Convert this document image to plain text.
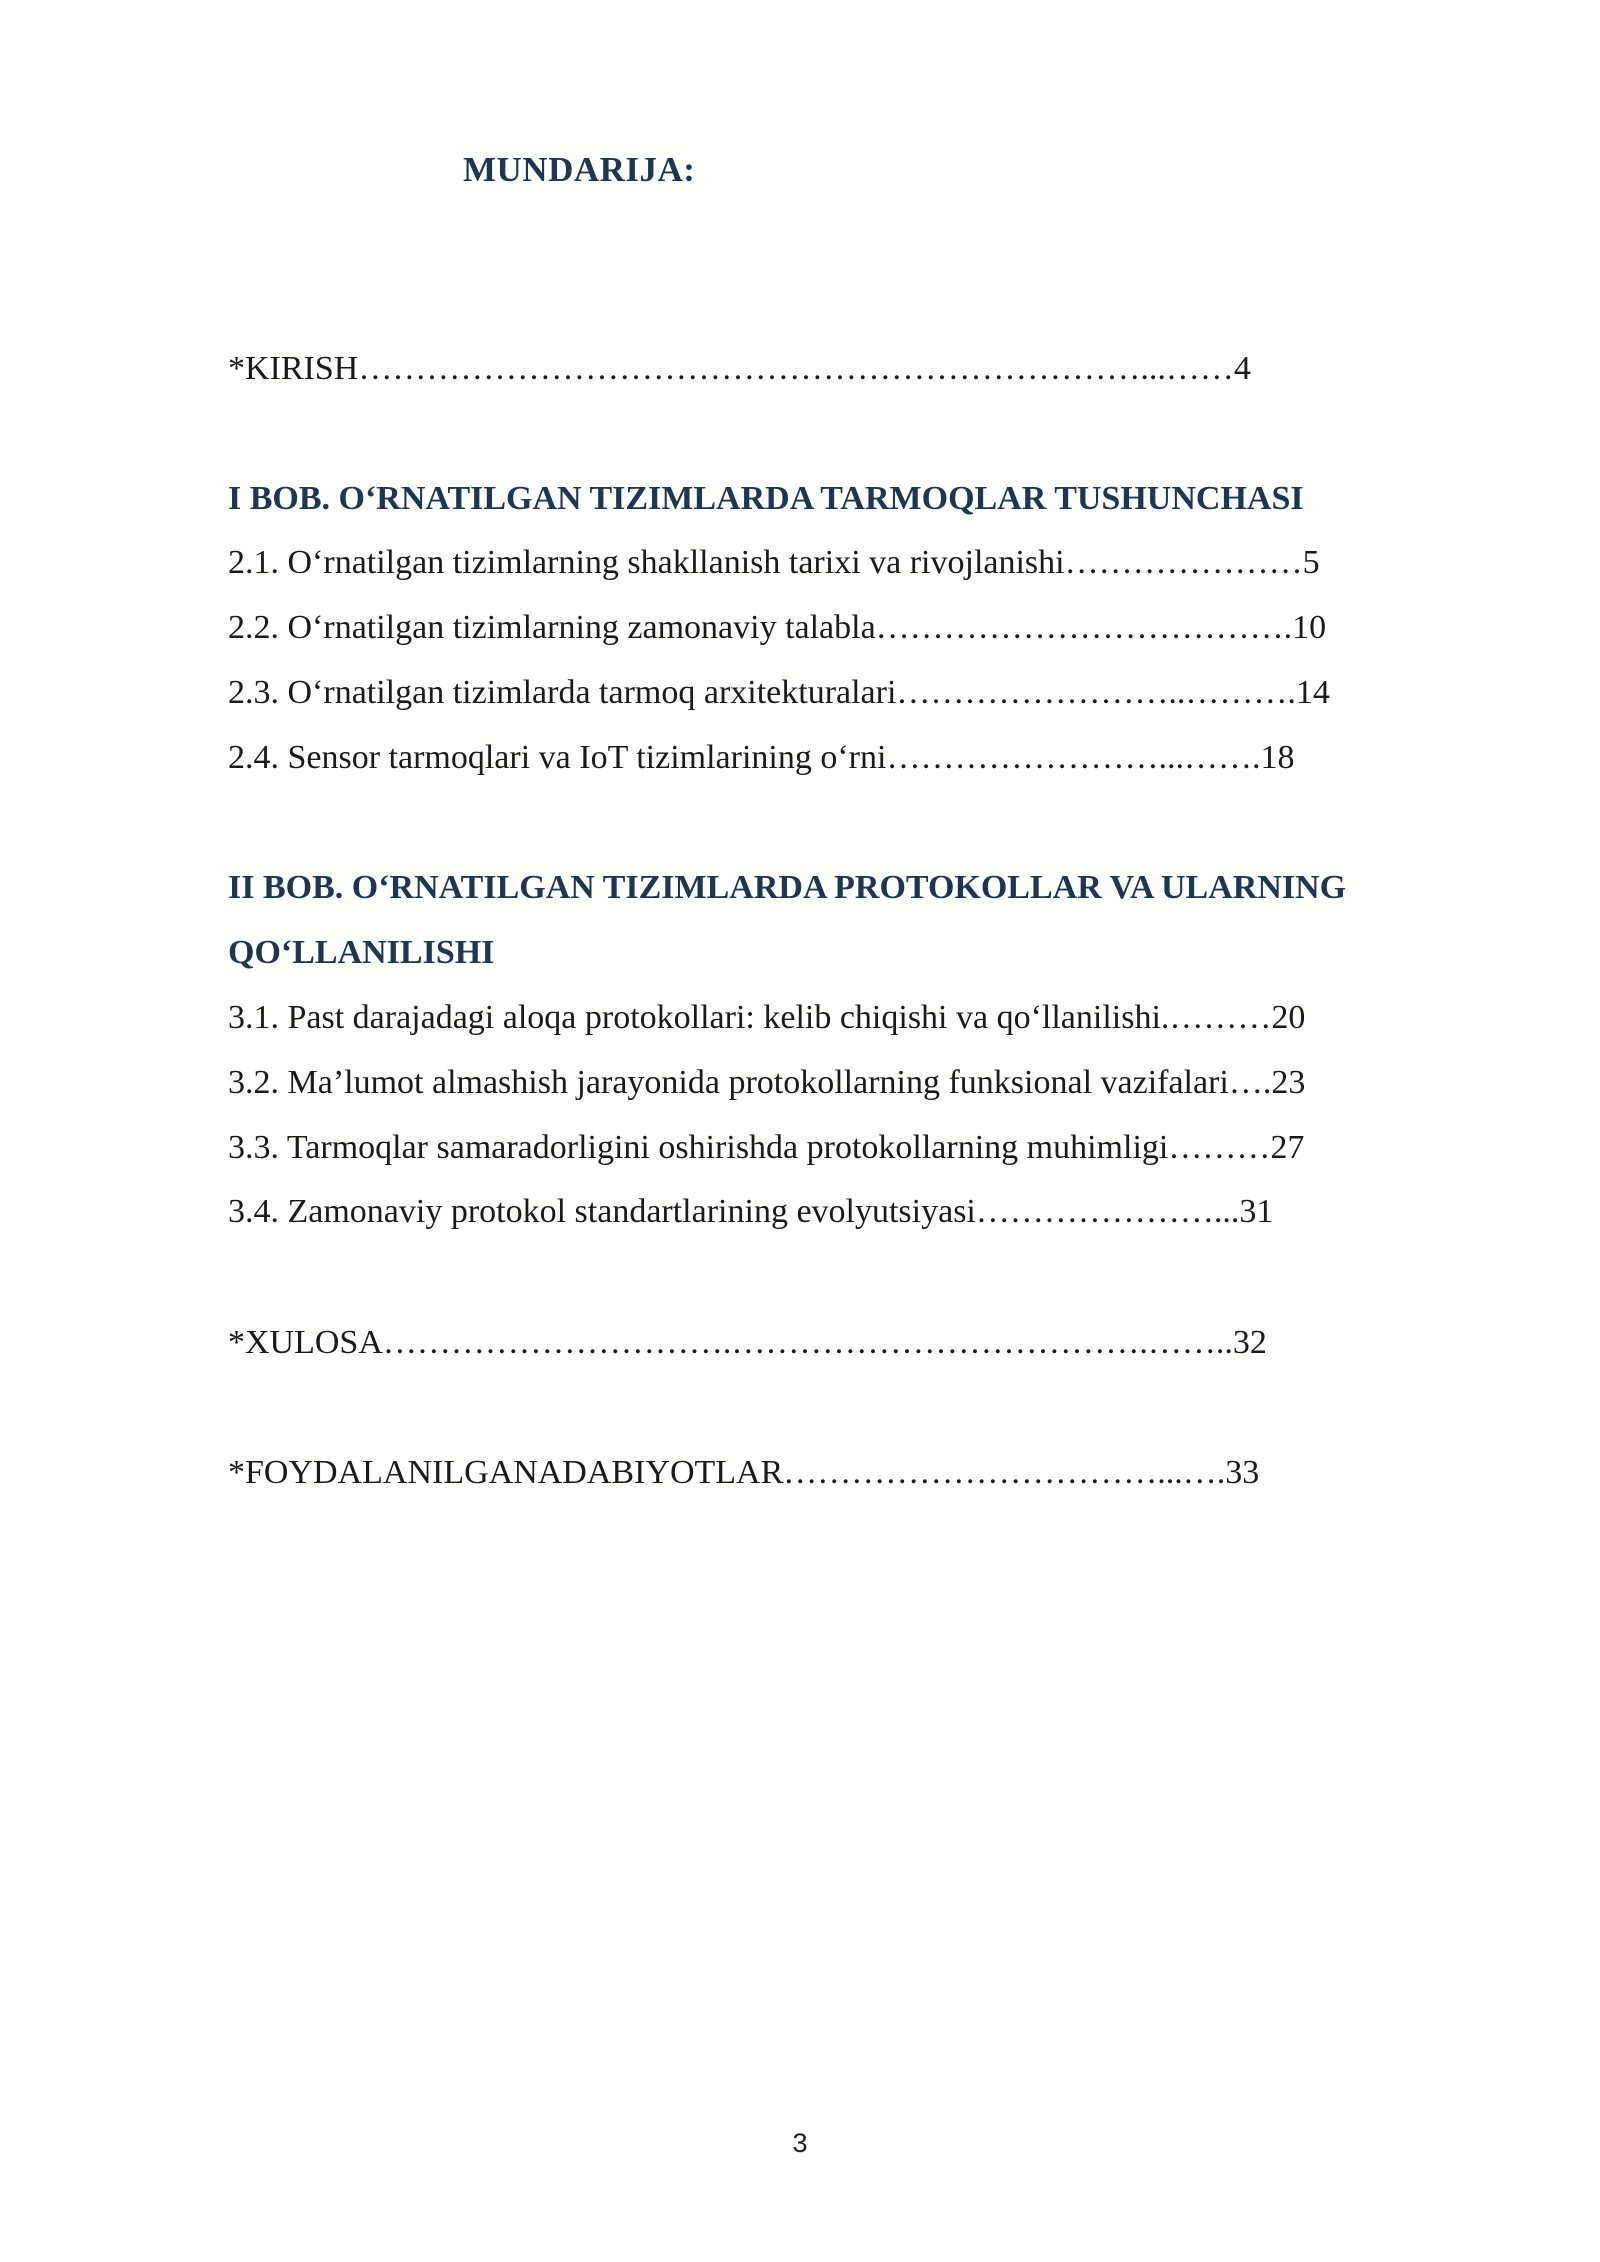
MUNDARIJA:
*KIRISH……………………………………………………………...……4
I BOB. O‘RNATILGAN TIZIMLARDA TARMOQLAR TUSHUNCHASI
2.1. O‘rnatilgan tizimlarning shakllanish tarixi va rivojlanishi…………………5
2.2. O‘rnatilgan tizimlarning zamonaviy talabla……………………………….10
2.3. O‘rnatilgan tizimlarda tarmoq arxitekturalari……………………..……….14
2.4. Sensor tarmoqlari va IoT tizimlarining o‘rni……………………...…….18
II BOB. O‘RNATILGAN TIZIMLARDA PROTOKOLLAR VA ULARNING
QO‘LLANILISHI
3.1. Past darajadagi aloqa protokollari: kelib chiqishi va qo‘llanilishi.………20
3.2. Ma’lumot almashish jarayonida protokollarning funksional vazifalari….23
3.3. Tarmoqlar samaradorligini oshirishda protokollarning muhimligi………27
3.4. Zamonaviy protokol standartlarining evolyutsiyasi…………………...31
*XULOSA………………………….……………………………….……..32
*FOYDALANILGANADABIYOTLAR……………………………...….33
3
